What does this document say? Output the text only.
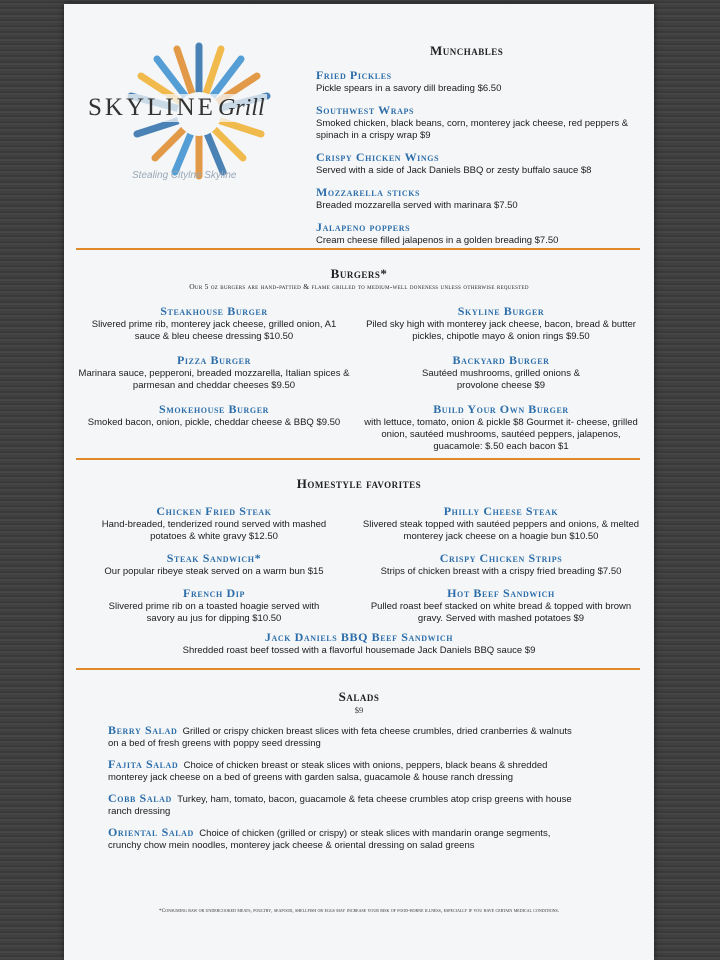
SKYLINEGrill
Stealing Citylne Skyline
Munchables
Fried Pickles
Pickle spears in a savory dill breading $6.50
Southwest Wraps
Smoked chicken, black beans, corn, monterey jack cheese, red peppers & spinach in a crispy wrap $9
Crispy Chicken Wings
Served with a side of Jack Daniels BBQ or zesty buffalo sauce $8
Mozzarella sticks
Breaded mozzarella served with marinara $7.50
Jalapeno poppers
Cream cheese filled jalapenos in a golden breading $7.50
Burgers*
Our 5 oz burgers are hand-pattied & flame grilled to medium-well doneness unless otherwise requested
Steakhouse Burger
Slivered prime rib, monterey jack cheese, grilled onion, A1 sauce & bleu cheese dressing $10.50
Pizza Burger
Marinara sauce, pepperoni, breaded mozzarella, Italian spices & parmesan and cheddar cheeses $9.50
Smokehouse Burger
Smoked bacon, onion, pickle, cheddar cheese & BBQ $9.50
Skyline Burger
Piled sky high with monterey jack cheese, bacon, bread & butter pickles, chipotle mayo & onion rings $9.50
Backyard Burger
Sautéed mushrooms, grilled onions & provolone cheese $9
Build Your Own Burger
with lettuce, tomato, onion & pickle $8 Gourmet it- cheese, grilled onion, sautéed mushrooms, sautéed peppers, jalapenos, guacamole: $.50 each bacon $1
Homestyle favorites
Chicken Fried Steak
Hand-breaded, tenderized round served with mashed potatoes & white gravy $12.50
Steak Sandwich*
Our popular ribeye steak served on a warm bun $15
French Dip
Slivered prime rib on a toasted hoagie served with savory au jus for dipping $10.50
Philly Cheese Steak
Slivered steak topped with sautéed peppers and onions, & melted monterey jack cheese on a hoagie bun $10.50
Crispy Chicken Strips
Strips of chicken breast with a crispy fried breading $7.50
Hot Beef Sandwich
Pulled roast beef stacked on white bread & topped with brown gravy. Served with mashed potatoes $9
Jack Daniels BBQ Beef Sandwich
Shredded roast beef tossed with a flavorful housemade Jack Daniels BBQ sauce $9
Salads
$9
Berry Salad Grilled or crispy chicken breast slices with feta cheese crumbles, dried cranberries & walnuts on a bed of fresh greens with poppy seed dressing
Fajita Salad Choice of chicken breast or steak slices with onions, peppers, black beans & shredded monterey jack cheese on a bed of greens with garden salsa, guacamole & house ranch dressing
Cobb Salad Turkey, ham, tomato, bacon, guacamole & feta cheese crumbles atop crisp greens with house ranch dressing
Oriental Salad Choice of chicken (grilled or crispy) or steak slices with mandarin orange segments, crunchy chow mein noodles, monterey jack cheese & oriental dressing on salad greens
*Consuming raw or undercooked meats, poultry, seafood, shellfish or eggs may increase your risk of food-borne illness, especially if you have certain medical conditions.
